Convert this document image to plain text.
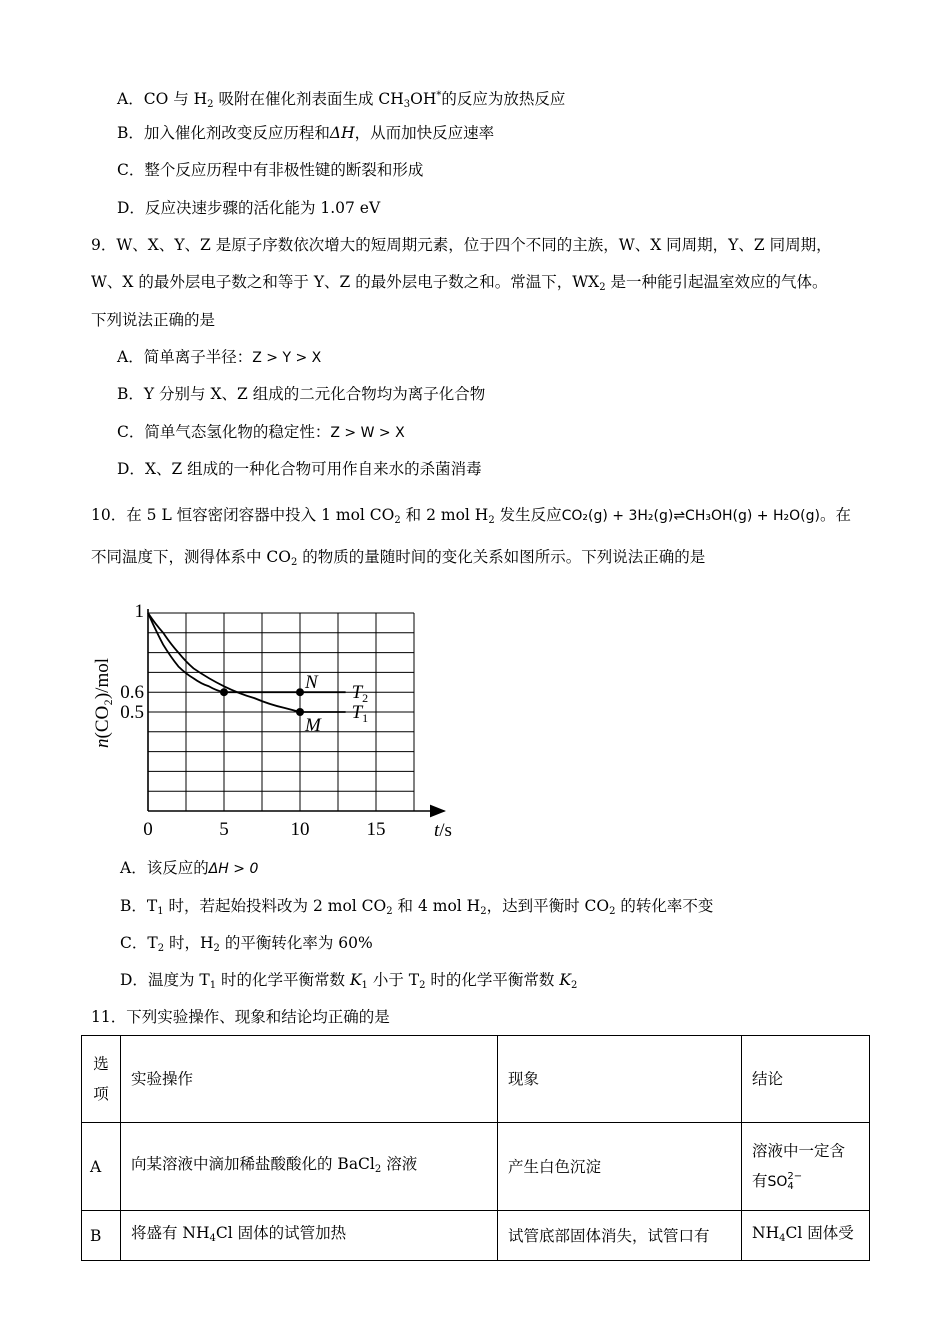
A．CO 与 $H_2$ 吸附在催化剂表面生成 $CH_3OH^*$的反应为放热反应
B．加入催化剂改变反应历程和ΔH，从而加快反应速率
C．整个反应历程中有非极性键的断裂和形成
D．反应决速步骤的活化能为 1.07 eV
9．W、X、Y、Z 是原子序数依次增大的短周期元素，位于四个不同的主族，W、X 同周期，Y、Z 同周期，
W、X 的最外层电子数之和等于 Y、Z 的最外层电子数之和。常温下，$WX_2$ 是一种能引起温室效应的气体。
下列说法正确的是
A．简单离子半径：Z > Y > X
B．Y 分别与 X、Z 组成的二元化合物均为离子化合物
C．简单气态氢化物的稳定性：Z > W > X
D．X、Z 组成的一种化合物可用作自来水的杀菌消毒
10．在 5 L 恒容密闭容器中投入 1 mol $CO_2$ 和 2 mol $H_2$ 发生反应CO₂(g) + 3H₂(g)⇌CH₃OH(g) + H₂O(g)。在
不同温度下，测得体系中 $CO_2$ 的物质的量随时间的变化关系如图所示。下列说法正确的是
$T_2$
$T_1$
N
M
0	5	10	15
1
0.6
0.5
n(CO₂)/mol
t/s
A．该反应的ΔH > 0
B．$T_1$ 时，若起始投料改为 2 mol $CO_2$ 和 4 mol $H_2$，达到平衡时 $CO_2$ 的转化率不变
C．$T_2$ 时，$H_2$ 的平衡转化率为 60%
D．温度为 $T_1$ 时的化学平衡常数 $K_1$ 小于 $T_2$ 时的化学平衡常数 $K_2$
11．下列实验操作、现象和结论均正确的是
选
项	实验操作	现象	结论
A	向某溶液中滴加稀盐酸酸化的 BaCl$_2$ 溶液	产生白色沉淀	溶液中一定含
有SO 2−
4

B	将盛有 $NH_4Cl$ 固体的试管加热	试管底部固体消失，试管口有	$NH_4Cl$ 固体受
